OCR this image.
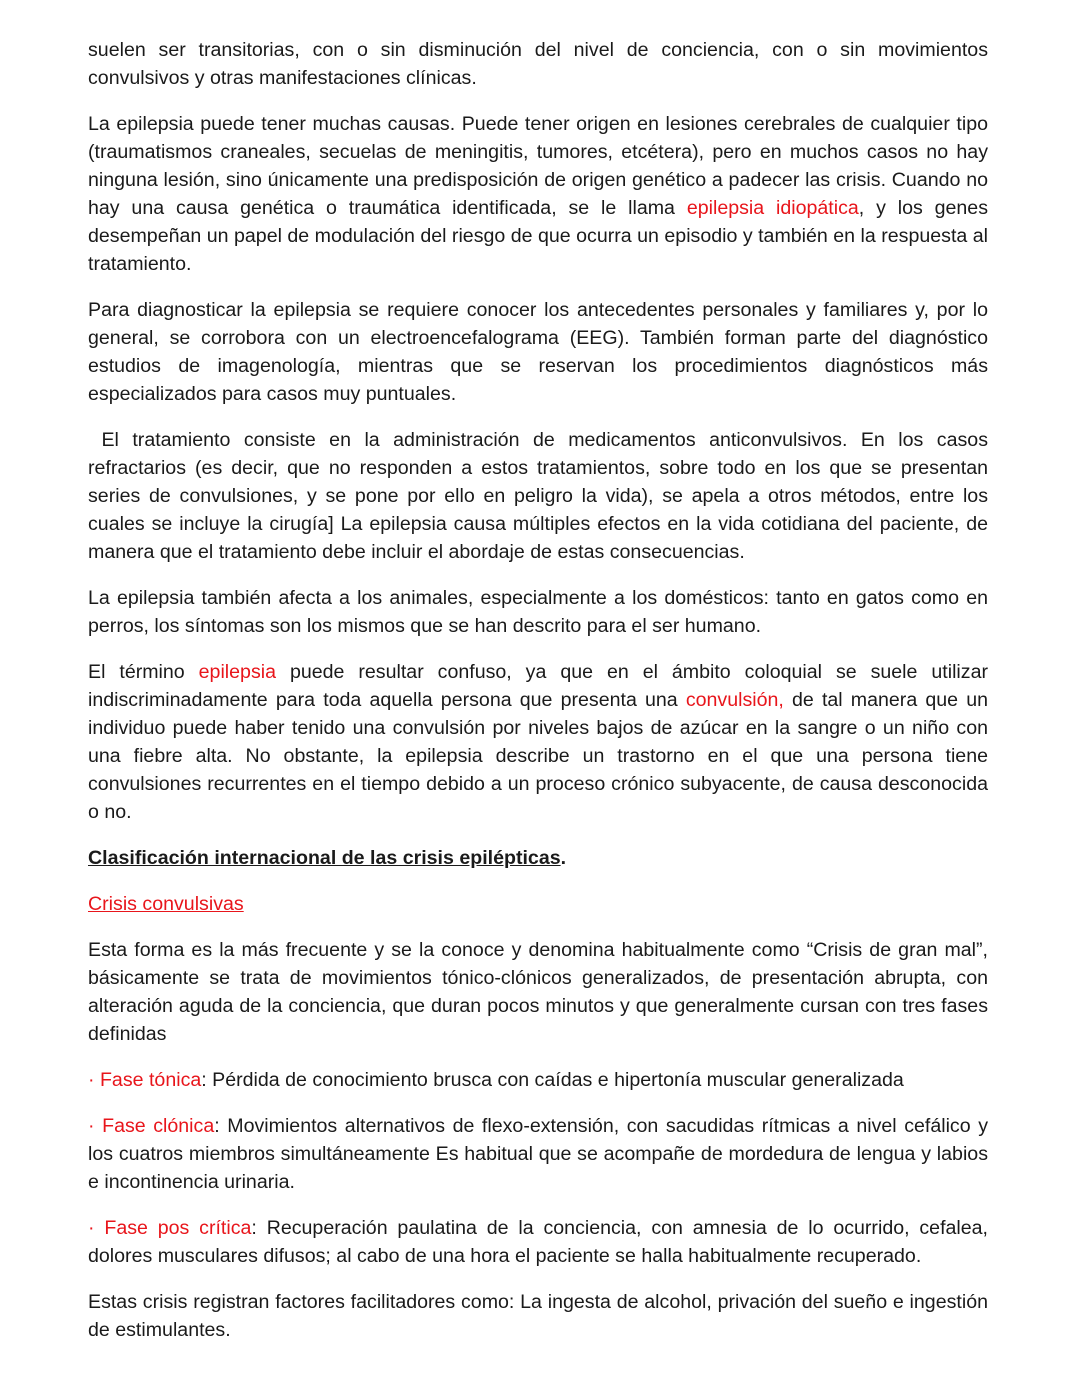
suelen ser transitorias, con o sin disminución del nivel de conciencia, con o sin movimientos convulsivos y otras manifestaciones clínicas.

La epilepsia puede tener muchas causas. Puede tener origen en lesiones cerebrales de cualquier tipo (traumatismos craneales, secuelas de meningitis, tumores, etcétera), pero en muchos casos no hay ninguna lesión, sino únicamente una predisposición de origen genético a padecer las crisis. Cuando no hay una causa genética o traumática identificada, se le llama epilepsia idiopática, y los genes desempeñan un papel de modulación del riesgo de que ocurra un episodio y también en la respuesta al tratamiento.

Para diagnosticar la epilepsia se requiere conocer los antecedentes personales y familiares y, por lo general, se corrobora con un electroencefalograma (EEG). También forman parte del diagnóstico estudios de imagenología, mientras que se reservan los procedimientos diagnósticos más especializados para casos muy puntuales.

El tratamiento consiste en la administración de medicamentos anticonvulsivos. En los casos refractarios (es decir, que no responden a estos tratamientos, sobre todo en los que se presentan series de convulsiones, y se pone por ello en peligro la vida), se apela a otros métodos, entre los cuales se incluye la cirugía] La epilepsia causa múltiples efectos en la vida cotidiana del paciente, de manera que el tratamiento debe incluir el abordaje de estas consecuencias.

La epilepsia también afecta a los animales, especialmente a los domésticos: tanto en gatos como en perros, los síntomas son los mismos que se han descrito para el ser humano.

El término epilepsia puede resultar confuso, ya que en el ámbito coloquial se suele utilizar indiscriminadamente para toda aquella persona que presenta una convulsión, de tal manera que un individuo puede haber tenido una convulsión por niveles bajos de azúcar en la sangre o un niño con una fiebre alta. No obstante, la epilepsia describe un trastorno en el que una persona tiene convulsiones recurrentes en el tiempo debido a un proceso crónico subyacente, de causa desconocida o no.

Clasificación internacional de las crisis epilépticas.

Crisis convulsivas

Esta forma es la más frecuente y se la conoce y denomina habitualmente como “Crisis de gran mal”, básicamente se trata de movimientos tónico-clónicos generalizados, de presentación abrupta, con alteración aguda de la conciencia, que duran pocos minutos y que generalmente cursan con tres fases definidas

· Fase tónica: Pérdida de conocimiento brusca con caídas e hipertonía muscular generalizada

· Fase clónica: Movimientos alternativos de flexo-extensión, con sacudidas rítmicas a nivel cefálico y los cuatros miembros simultáneamente Es habitual que se acompañe de mordedura de lengua y labios e incontinencia urinaria.

· Fase pos crítica: Recuperación paulatina de la conciencia, con amnesia de lo ocurrido, cefalea, dolores musculares difusos; al cabo de una hora el paciente se halla habitualmente recuperado.

Estas crisis registran factores facilitadores como: La ingesta de alcohol, privación del sueño e ingestión de estimulantes.
